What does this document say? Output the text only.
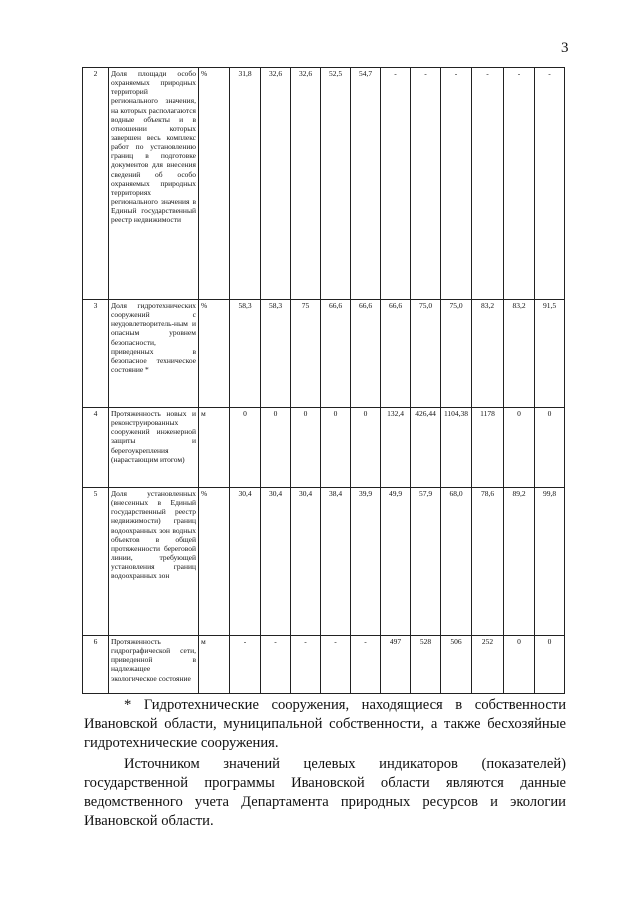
3
2	Доля площади особо охраняемых природных территорий регионального значения, на которых располагаются водные объекты и в отношении которых завершен весь комплекс работ по установлению границ в подготовке документов для внесения сведений об особо охраняемых природных территориях регионального значения в Единый государственный реестр недвижимости	%	31,8	32,6	32,6	52,5	54,7	-	-	-	-	-	-
3	Доля гидротехнических сооружений с неудовлетворитель-ным и опасным уровнем безопасности, приведенных в безопасное техническое состояние *	%	58,3	58,3	75	66,6	66,6	66,6	75,0	75,0	83,2	83,2	91,5
4	Протяженность новых и реконструированных сооружений инженерной защиты и берегоукрепления (нарастающим итогом)	м	0	0	0	0	0	132,4	426,44	1104,38	1178	0	0
5	Доля установленных (внесенных в Единый государственный реестр недвижимости) границ водоохранных зон водных объектов в общей протяженности береговой линии, требующей установления границ водоохранных зон	%	30,4	30,4	30,4	38,4	39,9	49,9	57,9	68,0	78,6	89,2	99,8
6	Протяженность гидрографической сети, приведенной в надлежащее экологическое состояние	м	-	-	-	-	-	497	528	506	252	0	0

* Гидротехнические сооружения, находящиеся в собственности Ивановской области, муниципальной собственности, а также бесхозяйные гидротехнические сооружения.

Источником значений целевых индикаторов (показателей) государственной программы Ивановской области являются данные ведомственного учета Департамента природных ресурсов и экологии Ивановской области.
